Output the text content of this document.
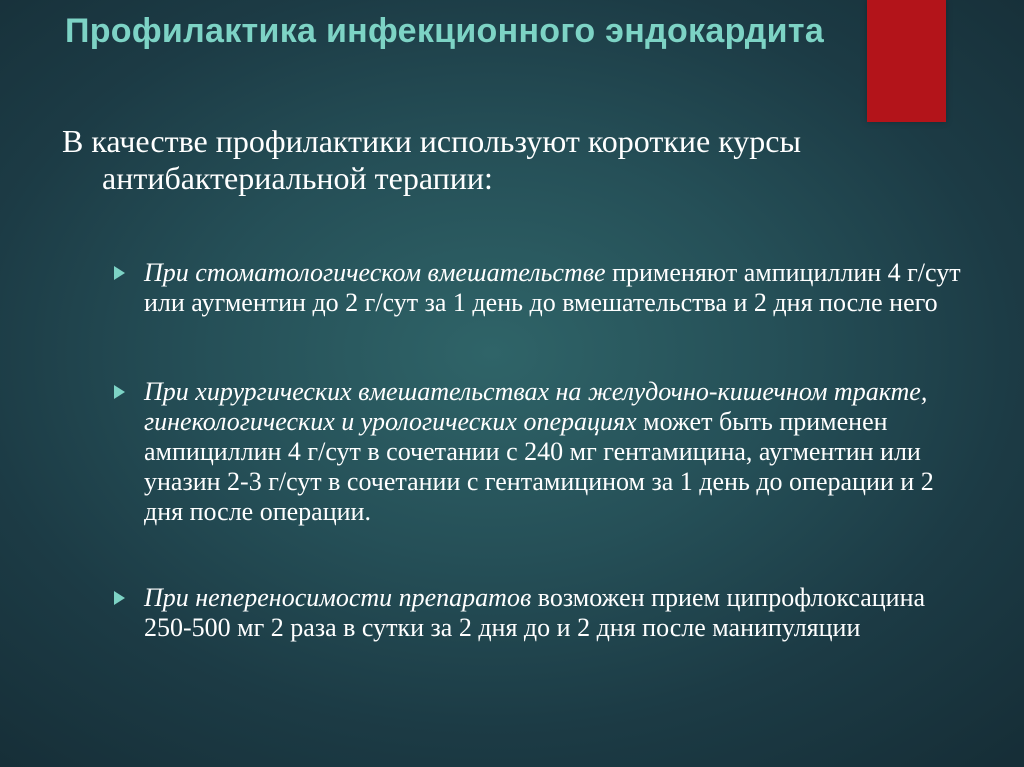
Профилактика инфекционного эндокардита

В качестве профилактики используют короткие курсы антибактериальной терапии:

При стоматологическом вмешательстве применяют ампициллин 4 г/сут или аугментин до 2 г/сут за 1 день до вмешательства и 2 дня после него
При хирургических вмешательствах на желудочно-кишечном тракте, гинекологических и урологических операциях может быть применен ампициллин 4 г/сут в сочетании с 240 мг гентамицина, аугментин или уназин 2-3 г/сут в сочетании с гентамицином за 1 день до операции и 2 дня после операции.
При непереносимости препаратов возможен прием ципрофлоксацина 250-500 мг 2 раза в сутки за 2 дня до и 2 дня после манипуляции
